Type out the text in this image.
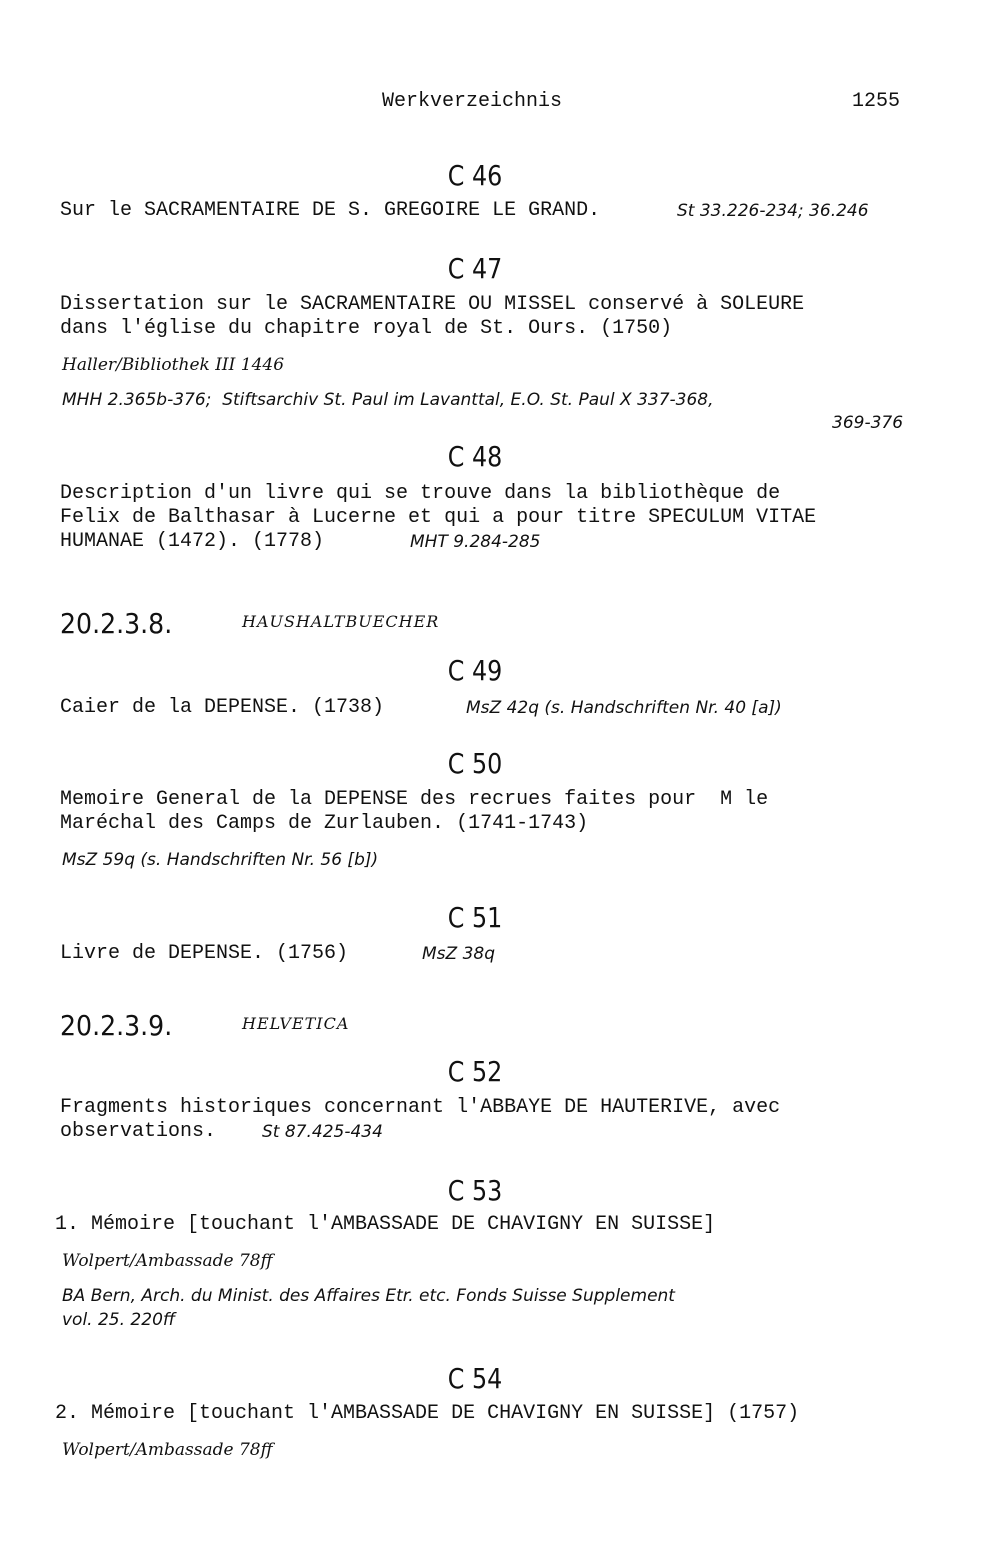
Werkverzeichnis	1255
C 46
Sur le SACRAMENTAIRE DE S. GREGOIRE LE GRAND.	St 33.226-234; 36.246
C 47
Dissertation sur le SACRAMENTAIRE OU MISSEL conservé à SOLEURE
dans l'église du chapitre royal de St. Ours. (1750)
Haller/Bibliothek III 1446
MHH 2.365b-376;  Stiftsarchiv St. Paul im Lavanttal, E.O. St. Paul X 337-368,
369-376
C 48
Description d'un livre qui se trouve dans la bibliothèque de
Felix de Balthasar à Lucerne et qui a pour titre SPECULUM VITAE
HUMANAE (1472). (1778)	MHT 9.284-285
20.2.3.8.	HAUSHALTBUECHER
C 49
Caier de la DEPENSE. (1738)	MsZ 42q (s. Handschriften Nr. 40 [a])
C 50
Memoire General de la DEPENSE des recrues faites pour  M le
Maréchal des Camps de Zurlauben. (1741-1743)
MsZ 59q (s. Handschriften Nr. 56 [b])
C 51
Livre de DEPENSE. (1756)	MsZ 38q
20.2.3.9.	HELVETICA
C 52
Fragments historiques concernant l'ABBAYE DE HAUTERIVE, avec
observations.	St 87.425-434
C 53
1. Mémoire [touchant l'AMBASSADE DE CHAVIGNY EN SUISSE]
Wolpert/Ambassade 78ff
BA Bern, Arch. du Minist. des Affaires Etr. etc. Fonds Suisse Supplement
vol. 25. 220ff
C 54
2. Mémoire [touchant l'AMBASSADE DE CHAVIGNY EN SUISSE] (1757)
Wolpert/Ambassade 78ff
